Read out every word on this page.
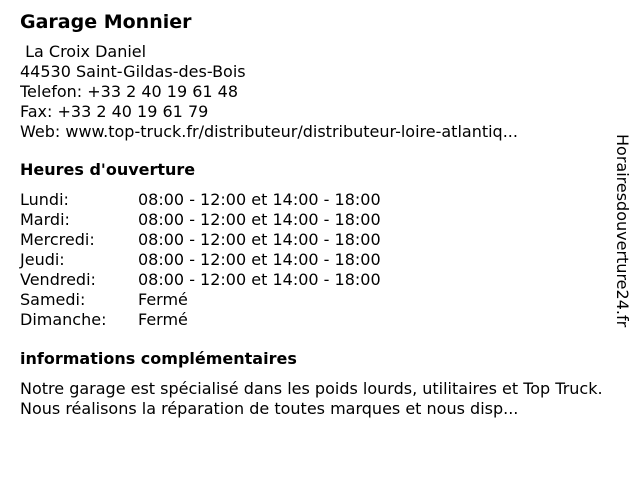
Garage Monnier
La Croix Daniel
44530 Saint-Gildas-des-Bois
Telefon: +33 2 40 19 61 48
Fax: +33 2 40 19 61 79
Web: www.top-truck.fr/distributeur/distributeur-loire-atlantiq...
Heures d'ouverture
Lundi:	08:00 - 12:00 et 14:00 - 18:00
Mardi:	08:00 - 12:00 et 14:00 - 18:00
Mercredi:	08:00 - 12:00 et 14:00 - 18:00
Jeudi:	08:00 - 12:00 et 14:00 - 18:00
Vendredi:	08:00 - 12:00 et 14:00 - 18:00
Samedi:	Fermé
Dimanche:	Fermé
informations complémentaires
Notre garage est spécialisé dans les poids lourds, utilitaires et Top Truck. Nous réalisons la réparation de toutes marques et nous disp...
Horairesdouverture24.fr
